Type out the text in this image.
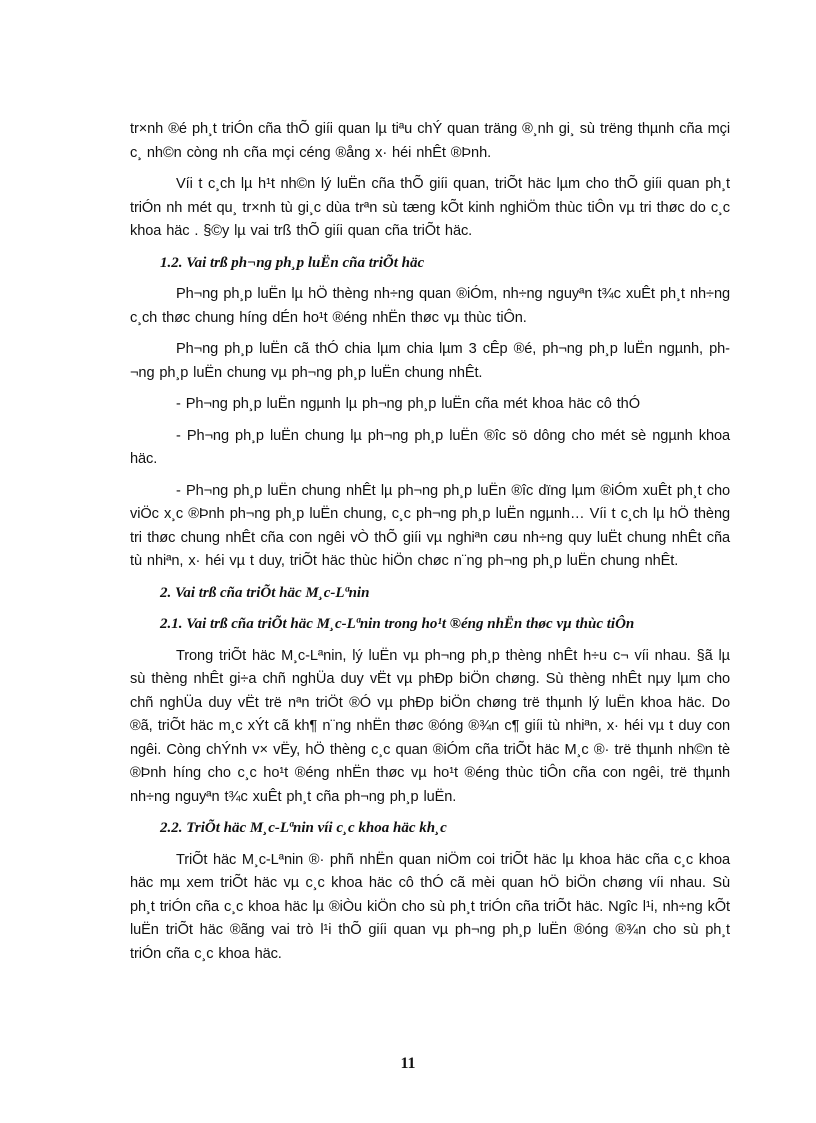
tr×nh ®é ph¸t triÓn cña thÕ giíi quan lµ tiªu chÝ quan träng ®¸nh gi¸ sù trëng thµnh cña mçi c¸ nh©n còng nh cña mçi céng ®ång x· héi nhÊt ®Þnh.

Víi t c¸ch lµ h¹t nh©n lý luËn cña thÕ giíi quan, triÕt häc lµm cho thÕ giíi quan ph¸t triÓn nh mét qu¸ tr×nh tù gi¸c dùa trªn sù tæng kÕt kinh nghiÖm thùc tiÔn vµ tri thøc do c¸c khoa häc . §©y lµ vai trß thÕ giíi quan cña triÕt häc.

1.2. Vai trß ph¬ng ph¸p luËn cña triÕt häc

Ph¬ng ph¸p luËn lµ hÖ thèng nh÷ng quan ®iÓm, nh÷ng nguyªn t¾c xuÊt ph¸t nh÷ng c¸ch thøc chung híng dÉn ho¹t ®éng nhËn thøc vµ thùc tiÔn.

Ph¬ng ph¸p luËn cã thÓ chia lµm chia lµm 3 cÊp ®é, ph¬ng ph¸p luËn ngµnh, ph¬ng ph¸p luËn chung vµ ph¬ng ph¸p luËn chung nhÊt.

- Ph¬ng ph¸p luËn ngµnh lµ ph¬ng ph¸p luËn cña mét khoa häc cô thÓ

- Ph¬ng ph¸p luËn chung lµ ph¬ng ph¸p luËn ®îc sö dông cho mét sè ngµnh khoa häc.

- Ph¬ng ph¸p luËn chung nhÊt lµ ph¬ng ph¸p luËn ®îc dïng lµm ®iÓm xuÊt ph¸t cho viÖc x¸c ®Þnh ph¬ng ph¸p luËn chung, c¸c ph¬ng ph¸p luËn ngµnh… Víi t c¸ch lµ hÖ thèng tri thøc chung nhÊt cña con ngêi vÒ thÕ giíi vµ nghiªn cøu nh÷ng quy luËt chung nhÊt cña tù nhiªn, x· héi vµ t duy, triÕt häc thùc hiÖn chøc n¨ng ph¬ng ph¸p luËn chung nhÊt.

2. Vai trß cña triÕt häc M¸c-Lªnin
2.1. Vai trß cña triÕt häc M¸c-Lªnin trong ho¹t ®éng nhËn thøc vµ thùc tiÔn

Trong triÕt häc M¸c-Lªnin, lý luËn vµ ph¬ng ph¸p thèng nhÊt h÷u c¬ víi nhau. §ã lµ sù thèng nhÊt gi÷a chñ nghÜa duy vËt vµ phÐp biÖn chøng. Sù thèng nhÊt nµy lµm cho chñ nghÜa duy vËt trë nªn triÖt ®Ó vµ phÐp biÖn chøng trë thµnh lý luËn khoa häc. Do ®ã, triÕt häc m¸c xÝt cã kh¶ n¨ng nhËn thøc ®óng ®¾n c¶ giíi tù nhiªn, x· héi vµ t duy con ngêi. Còng chÝnh v× vËy, hÖ thèng c¸c quan ®iÓm cña triÕt häc M¸c ®· trë thµnh nh©n tè ®Þnh híng cho c¸c ho¹t ®éng nhËn thøc vµ ho¹t ®éng thùc tiÔn cña con ngêi, trë thµnh nh÷ng nguyªn t¾c xuÊt ph¸t cña ph¬ng ph¸p luËn.

2.2. TriÕt häc M¸c-Lªnin víi c¸c khoa häc kh¸c

TriÕt häc M¸c-Lªnin ®· phñ nhËn quan niÖm coi triÕt häc lµ khoa häc cña c¸c khoa häc mµ xem triÕt häc vµ c¸c khoa häc cô thÓ cã mèi quan hÖ biÖn chøng víi nhau. Sù ph¸t triÓn cña c¸c khoa häc lµ ®iÒu kiÖn cho sù ph¸t triÓn cña triÕt häc. Ngîc l¹i, nh÷ng kÕt luËn triÕt häc ®ãng vai trò l¹i thÕ giíi quan vµ ph¬ng ph¸p luËn ®óng ®¾n cho sù ph¸t triÓn cña c¸c khoa häc.

11
